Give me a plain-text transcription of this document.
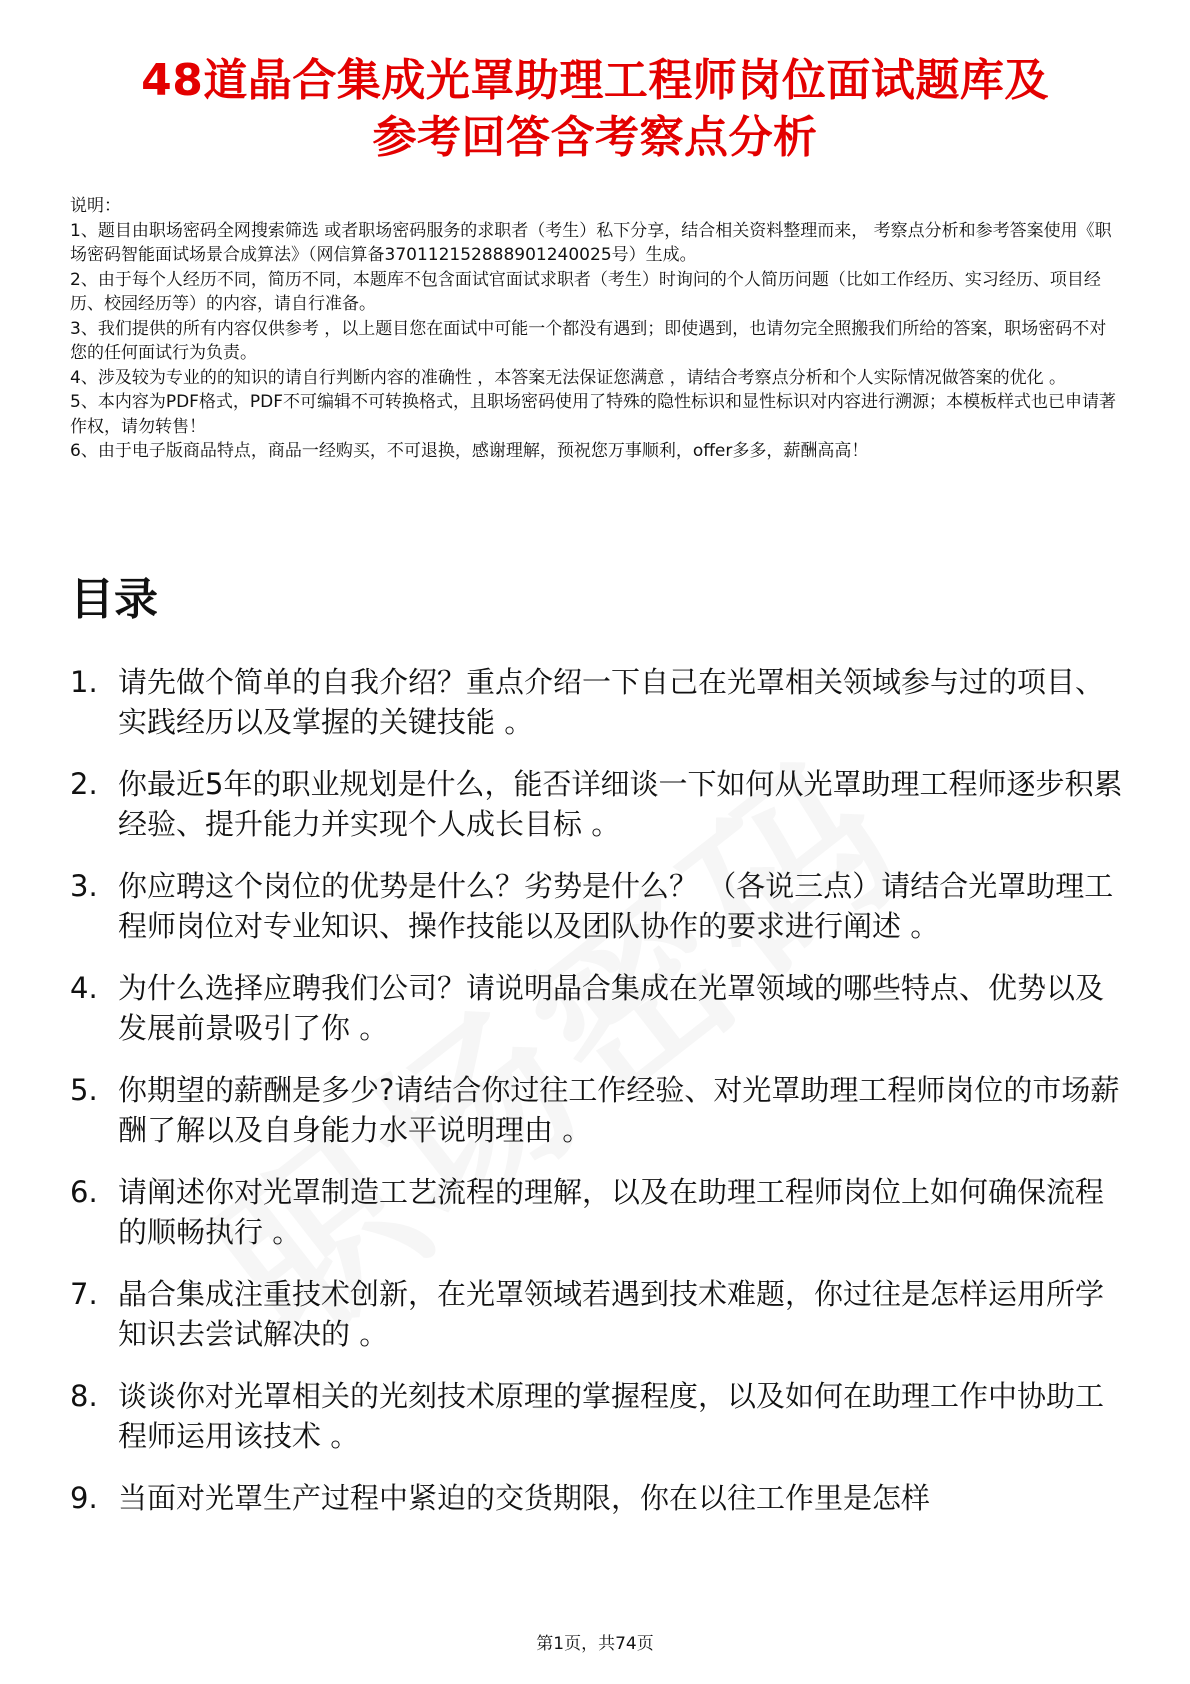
48道晶合集成光罩助理工程师岗位面试题库及
参考回答含考察点分析

说明：

1、题目由职场密码全网搜索筛选 或者职场密码服务的求职者（考生）私下分享，结合相关资料整理而来， 考察点分析和参考答案使用《职场密码智能面试场景合成算法》（网信算备370112152888901240025号）生成。

2、由于每个人经历不同，简历不同，本题库不包含面试官面试求职者（考生）时询问的个人简历问题（比如工作经历、实习经历、项目经历、校园经历等）的内容，请自行准备。

3、我们提供的所有内容仅供参考 ，以上题目您在面试中可能一个都没有遇到；即使遇到，也请勿完全照搬我们所给的答案，职场密码不对您的任何面试行为负责。

4、涉及较为专业的的知识的请自行判断内容的准确性 ，本答案无法保证您满意 ，请结合考察点分析和个人实际情况做答案的优化 。

5、本内容为PDF格式，PDF不可编辑不可转换格式，且职场密码使用了特殊的隐性标识和显性标识对内容进行溯源；本模板样式也已申请著作权，请勿转售！

6、由于电子版商品特点，商品一经购买，不可退换，感谢理解，预祝您万事顺利，offer多多，薪酬高高！

目录
1. 请先做个简单的自我介绍？重点介绍一下自己在光罩相关领域参与过的项目、实践经历以及掌握的关键技能 。
2. 你最近5年的职业规划是什么，能否详细谈一下如何从光罩助理工程师逐步积累经验、提升能力并实现个人成长目标 。
3. 你应聘这个岗位的优势是什么？劣势是什么？ （各说三点）请结合光罩助理工程师岗位对专业知识、操作技能以及团队协作的要求进行阐述 。
4. 为什么选择应聘我们公司？请说明晶合集成在光罩领域的哪些特点、优势以及发展前景吸引了你 。
5. 你期望的薪酬是多少?请结合你过往工作经验、对光罩助理工程师岗位的市场薪酬了解以及自身能力水平说明理由 。
6. 请阐述你对光罩制造工艺流程的理解，以及在助理工程师岗位上如何确保流程的顺畅执行 。
7. 晶合集成注重技术创新，在光罩领域若遇到技术难题，你过往是怎样运用所学知识去尝试解决的 。
8. 谈谈你对光罩相关的光刻技术原理的掌握程度，以及如何在助理工作中协助工程师运用该技术 。
9. 当面对光罩生产过程中紧迫的交货期限，你在以往工作里是怎样
第1页，共74页
